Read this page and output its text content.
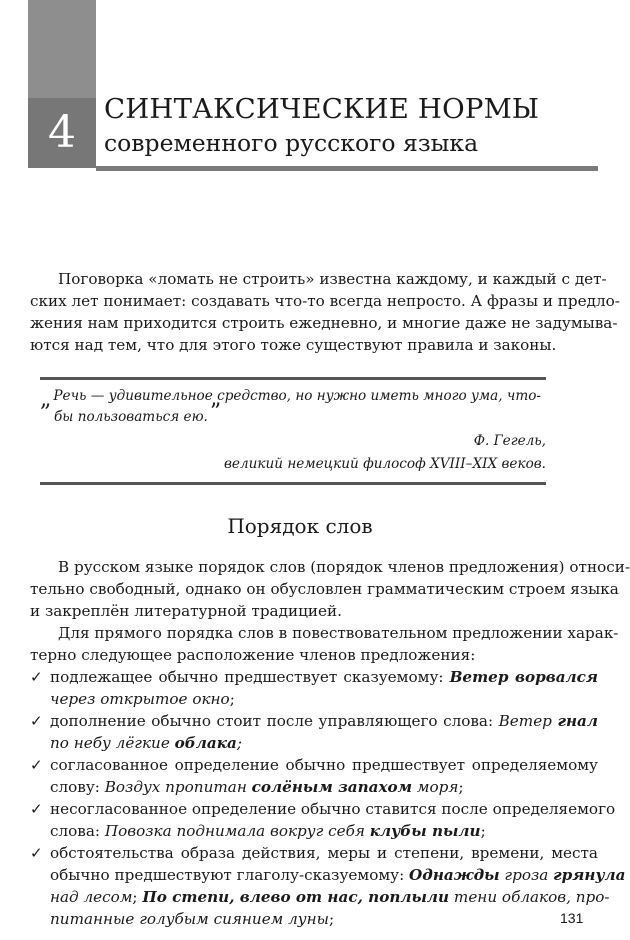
4 СИНТАКСИЧЕСКИЕ НОРМЫ
современного русского языка
Поговорка «ломать не строить» известна каждому, и каждый с дет-
ских лет понимает: создавать что-то всегда непросто. А фразы и предло-
жения нам приходится строить ежедневно, и многие даже не задумыва-
ются над тем, что для этого тоже существуют правила и законы.
„ Речь — удивительное средство, но нужно иметь много ума, что-
бы пользоваться ею.”
Ф. Гегель,
великий немецкий философ XVIII–XIX веков.
Порядок слов
В русском языке порядок слов (порядок членов предложения) относи-
тельно свободный, однако он обусловлен грамматическим строем языка
и закреплён литературной традицией.
Для прямого порядка слов в повествовательном предложении харак-
терно следующее расположение членов предложения:
✓ подлежащее обычно предшествует сказуемому: Ветер ворвался
через открытое окно;
✓ дополнение обычно стоит после управляющего слова: Ветер гнал
по небу лёгкие облака;
✓ согласованное определение обычно предшествует определяемому
слову: Воздух пропитан солёным запахом моря;
✓ несогласованное определение обычно ставится после определяемого
слова: Повозка поднимала вокруг себя клубы пыли;
✓ обстоятельства образа действия, меры и степени, времени, места
обычно предшествуют глаголу-сказуемому: Однажды гроза грянула
над лесом; По степи, влево от нас, поплыли тени облаков, про-
питанные голубым сиянием луны;	131
